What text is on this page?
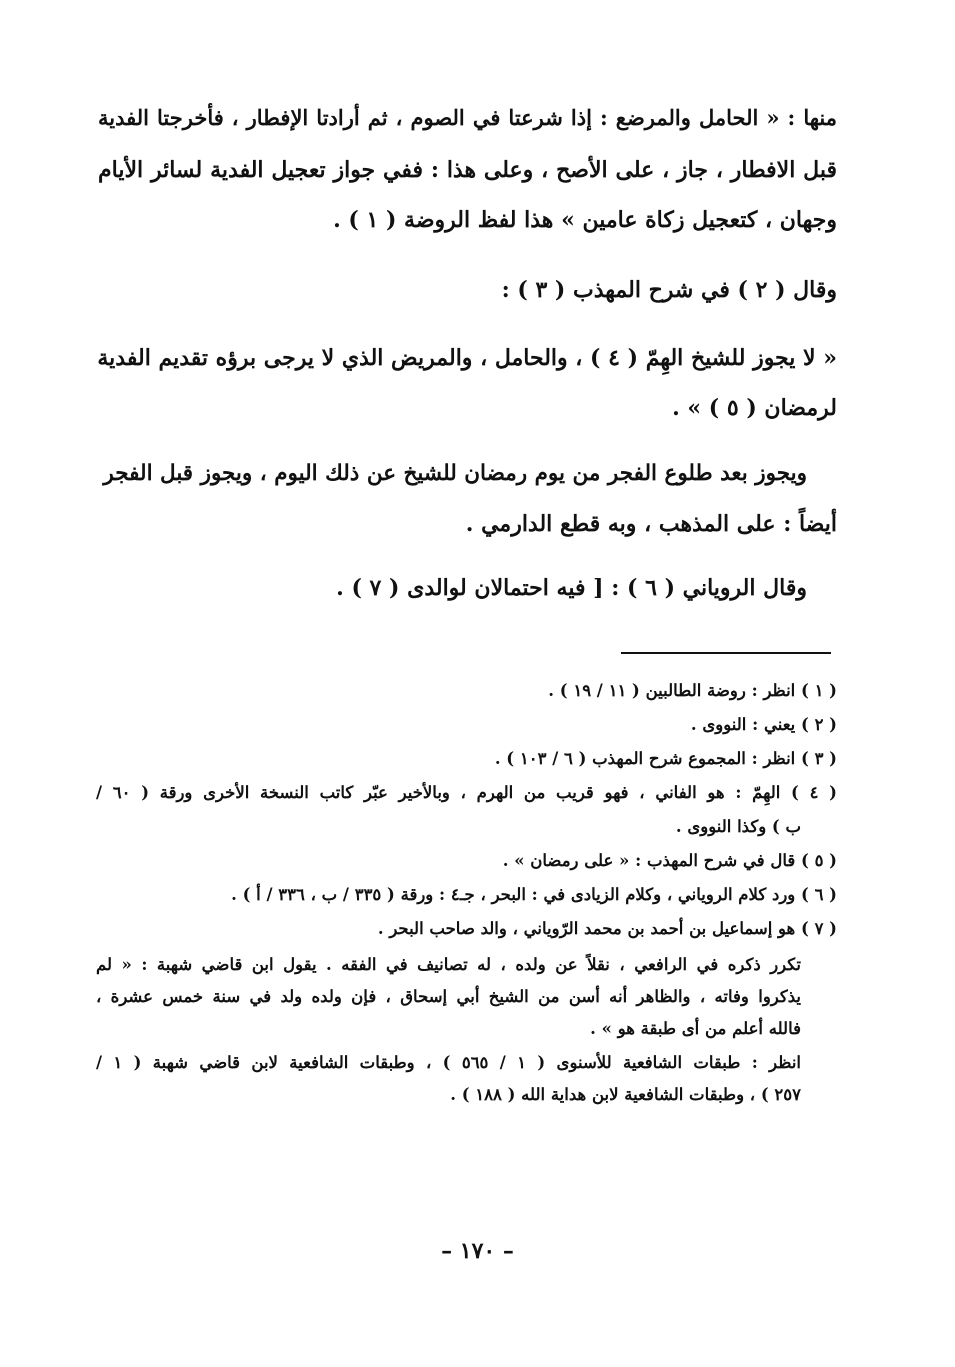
منها : « الحامل والمرضع : إذا شرعتا في الصوم ، ثم أرادتا الإفطار ، فأخرجتا الفدية
قبل الافطار ، جاز ، على الأصح ، وعلى هذا : ففي جواز تعجيل الفدية لسائر الأيام
وجهان ، كتعجيل زكاة عامين » هذا لفظ الروضة ( ١ ) .
وقال ( ٢ ) في شرح المهذب ( ٣ ) :
« لا يجوز للشيخ الهِمّ ( ٤ ) ، والحامل ، والمريض الذي لا يرجى برؤه تقديم الفدية
لرمضان ( ٥ ) » .
ويجوز بعد طلوع الفجر من يوم رمضان للشيخ عن ذلك اليوم ، ويجوز قبل الفجر
أيضاً : على المذهب ، وبه قطع الدارمي .
وقال الروياني ( ٦ ) : [ فيه احتمالان لوالدى ( ٧ ) .
( ١ ) انظر : روضة الطالبين ( ١١ / ١٩ ) .
( ٢ ) يعني : النووى .
( ٣ ) انظر : المجموع شرح المهذب ( ٦ / ١٠٣ ) .
( ٤ ) الهِمّ : هو الفاني ، فهو قريب من الهرم ، وبالأخير عبّر كاتب النسخة الأخرى ورقة ( ٦٠ /
ب ) وكذا النووى .
( ٥ ) قال في شرح المهذب : « على رمضان » .
( ٦ ) ورد كلام الروياني ، وكلام الزيادى في : البحر ، جـ٤ : ورقة ( ٣٣٥ / ب ، ٣٣٦ / أ ) .
( ٧ ) هو إسماعيل بن أحمد بن محمد الرّوياني ، والد صاحب البحر .
تكرر ذكره في الرافعي ، نقلاً عن ولده ، له تصانيف في الفقه . يقول ابن قاضي شهبة : « لم
يذكروا وفاته ، والظاهر أنه أسن من الشيخ أبي إسحاق ، فإن ولده ولد في سنة خمس عشرة ،
فالله أعلم من أى طبقة هو » .
انظر : طبقات الشافعية للأسنوى ( ١ / ٥٦٥ ) ، وطبقات الشافعية لابن قاضي شهبة ( ١ /
٢٥٧ ) ، وطبقات الشافعية لابن هداية الله ( ١٨٨ ) .
– ١٧٠ –
